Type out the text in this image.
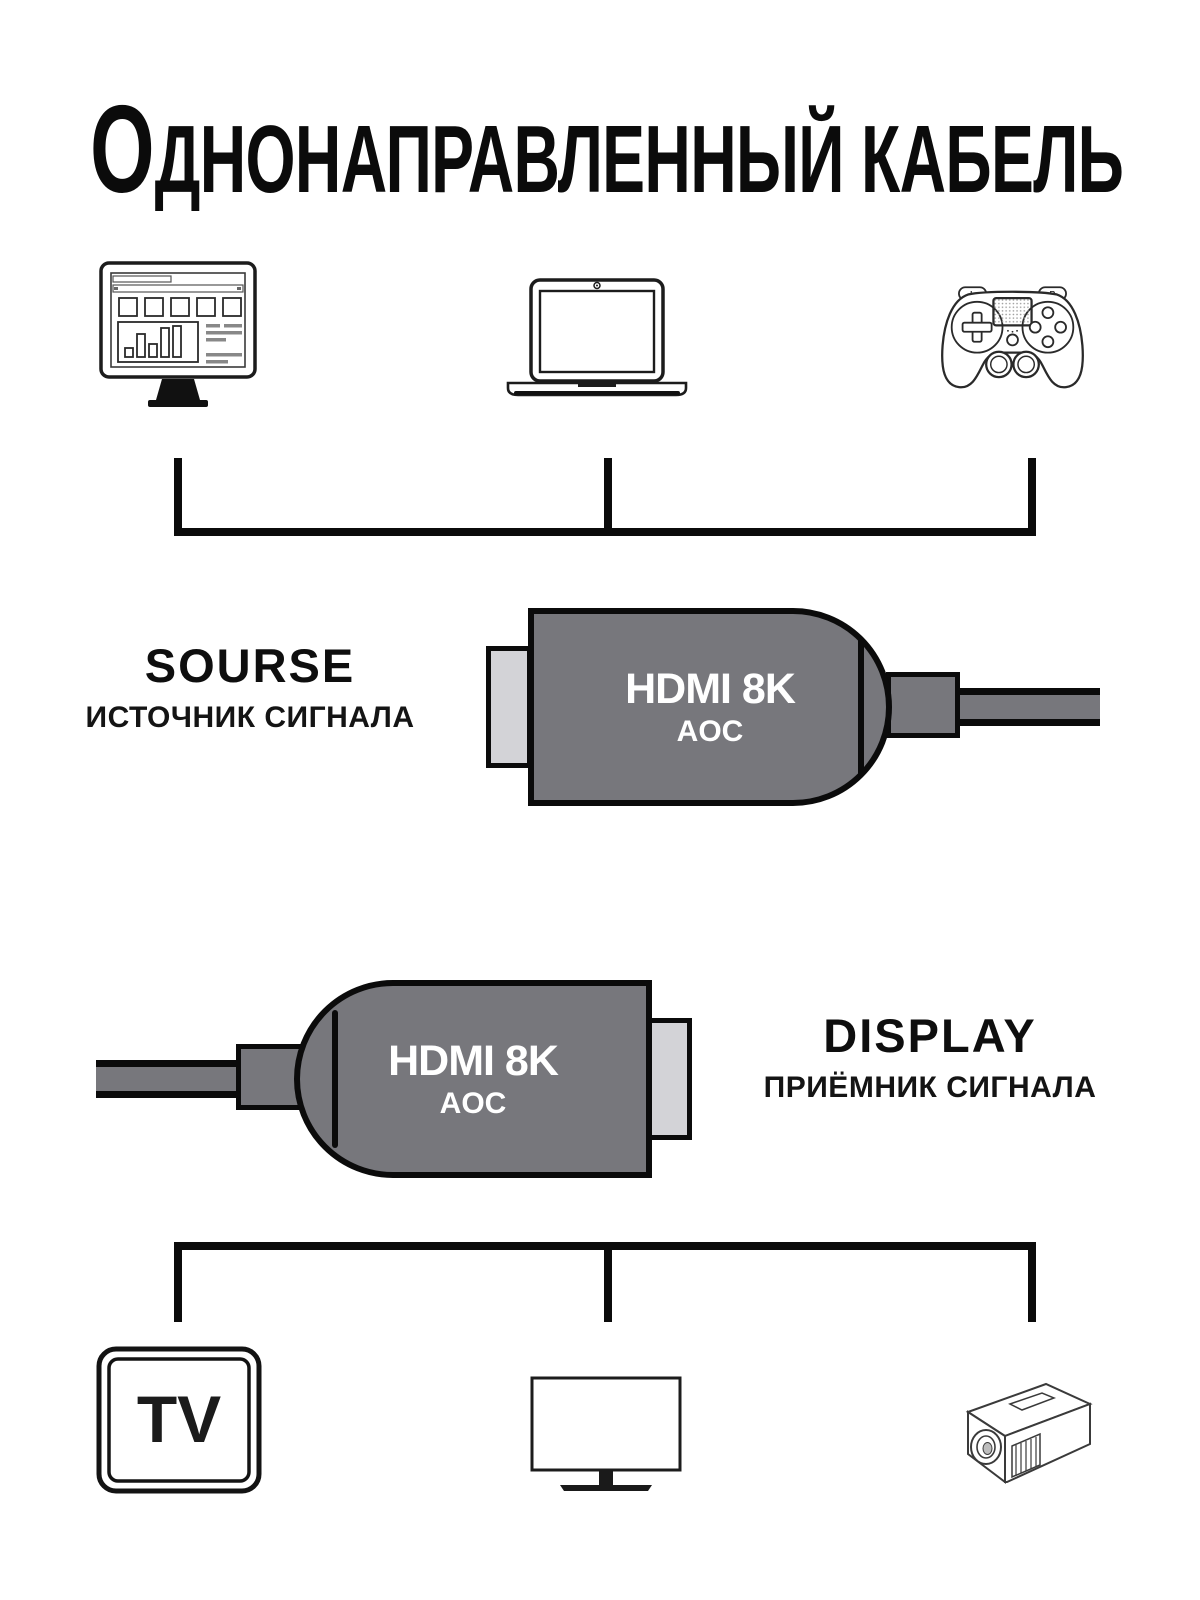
ОДНОНАПРАВЛЕННЫЙ КАБЕЛЬ

SOURSE

ИСТОЧНИК СИГНАЛА

HDMI 8K
AOC
HDMI 8K
AOC

DISPLAY

ПРИЁМНИК СИГНАЛА

TV
